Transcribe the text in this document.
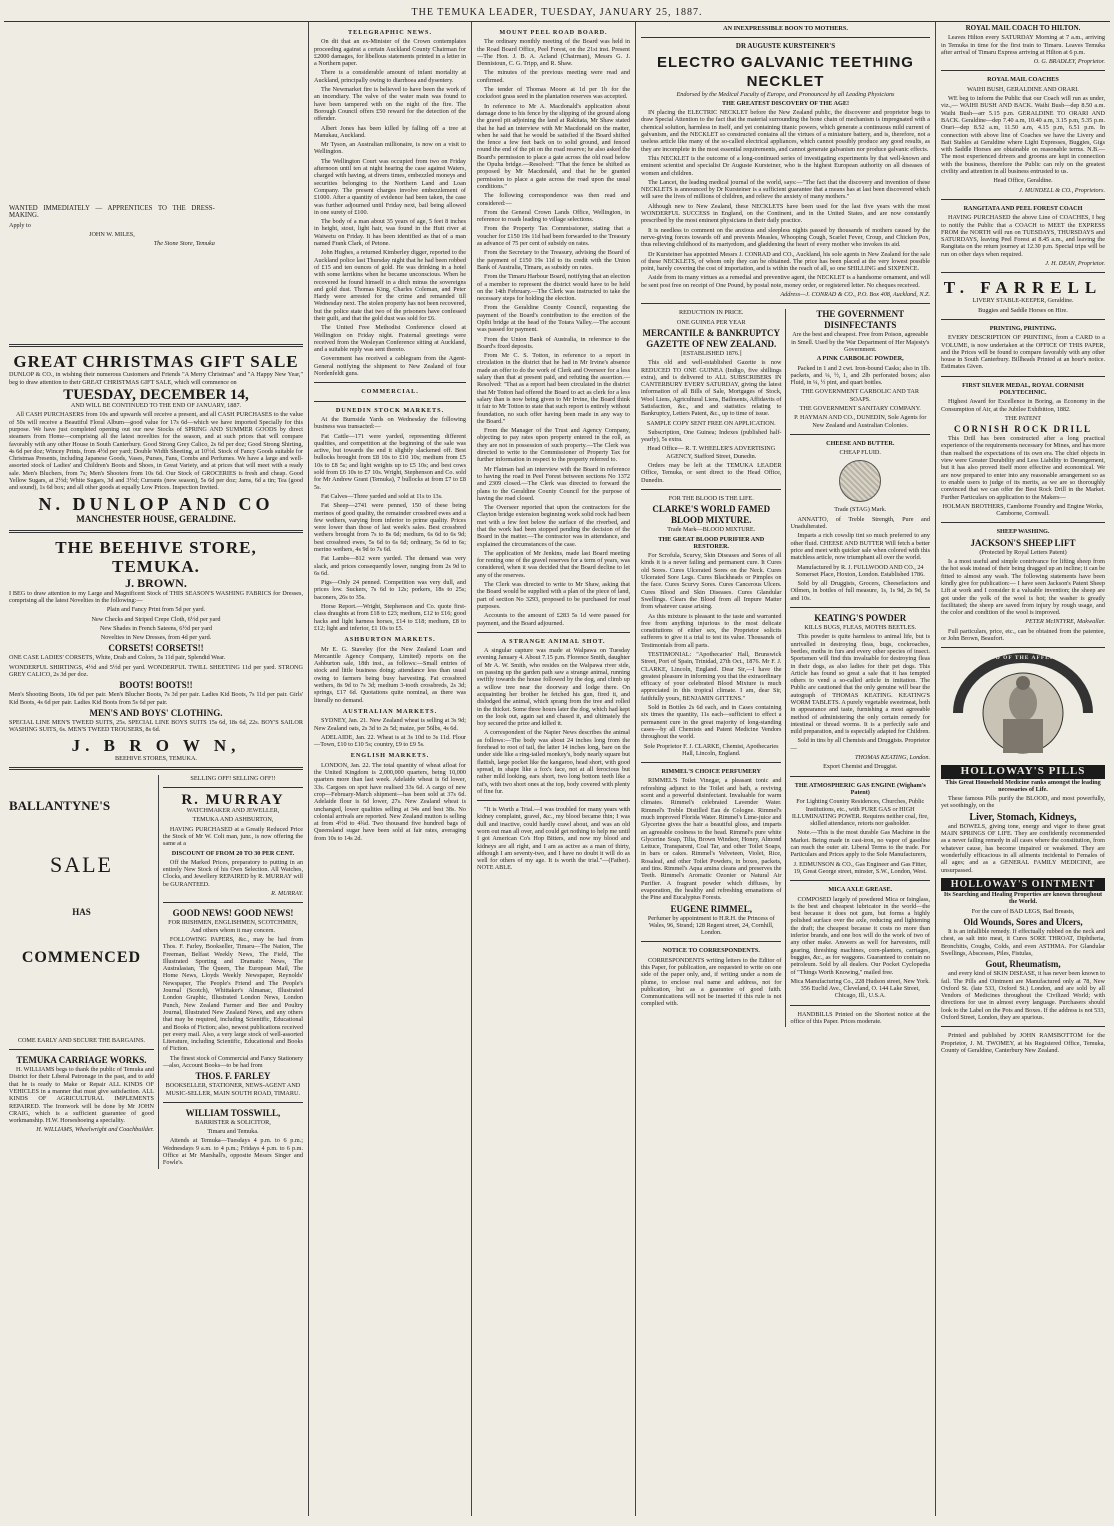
THE TEMUKA LEADER, TUESDAY, JANUARY 25, 1887.

WANTED IMMEDIATELY — APPRENTICES TO THE DRESSMAKING.

Apply to

JOHN W. MILES,

The Stone Store, Temuka

GREAT CHRISTMAS GIFT SALE

DUNLOP & CO., in wishing their numerous Customers and Friends "A Merry Christmas" and "A Happy New Year," beg to draw attention to their GREAT CHRISTMAS GIFT SALE, which will commence on

TUESDAY, DECEMBER 14,

AND WILL BE CONTINUED TO THE END OF JANUARY, 1887.

All CASH PURCHASERS from 10s and upwards will receive a present, and all CASH PURCHASES to the value of 50s will receive a Beautiful Floral Album—good value for 17s 6d—which we have imported Specially for this purpose. We have just completed opening out our new Stocks of SPRING AND SUMMER GOODS by direct steamers from Home—comprising all the latest novelties for the season, and at such prices that will compare favorably with any other House in South Canterbury. Good Strong Grey Calico, 2s 6d per doz; Good Strong Shirting, 4s 6d per doz; Wincey Prints, from 4½d per yard; Double Width Sheeting, at 10½d. Stock of Fancy Goods suitable for Christmas Presents, including Japanese Goods, Vases, Purses, Fans, Combs and Perfumes. We have a large and well-assorted stock of Ladies' and Children's Boots and Shoes, in Great Variety, and at prices that will meet with a ready sale. Men's Bluchers, from 7s; Men's Shooters from 10s 6d. Our Stock of GROCERIES is fresh and cheap. Good Yellow Sugars, at 2½d; White Sugars, 3d and 3½d; Currants (new season), 5s 6d per doz; Jams, 6d a tin; Tea (good and sound), 1s 6d box; and all other goods at equally Low Prices. Inspection Invited.

N. DUNLOP AND CO
MANCHESTER HOUSE, GERALDINE.
THE BEEHIVE STORE, TEMUKA.
J. BROWN.

I BEG to draw attention to my Large and Magnificent Stock of THIS SEASON'S WASHING FABRICS for Dresses, comprising all the latest Novelties in the following:—

Plain and Fancy Print from 5d per yard.

New Checks and Striped Crepe Cloth, 6½d per yard

New Shades in French Sateens, 6½d per yard

Novelties in New Dresses, from 4d per yard.

CORSETS! CORSETS!!

ONE CASE LADIES' CORSETS, White, Drab and Colors, 3s 11d pair, Splendid Wear.

WONDERFUL SHIRTINGS, 4½d and 5½d per yard. WONDERFUL TWILL SHEETING 11d per yard. STRONG GREY CALICO, 2s 3d per doz.

BOOTS! BOOTS!!

Men's Shooting Boots, 10s 6d per pair. Men's Blucher Boots, 7s 3d per pair. Ladies Kid Boots, 7s 11d per pair. Girls' Kid Boots, 4s 6d per pair. Ladies Kid Boots from 5s 6d per pair.

MEN'S AND BOYS' CLOTHING.

SPECIAL LINE MEN'S TWEED SUITS, 25s. SPECIAL LINE BOYS SUITS 15s 6d, 18s 6d, 22s. BOY'S SAILOR WASHING SUITS, 6s. MEN'S TWEED TROUSERS, 8s 6d.

J. B R O W N,

BEEHIVE STORES, TEMUKA.

BALLANTYNE'S
SALE
HAS
COMMENCED

COME EARLY AND SECURE THE BARGAINS.

TEMUKA CARRIAGE WORKS.

H. WILLIAMS begs to thank the public of Temuka and District for their Liberal Patronage in the past, and to add that he is ready to Make or Repair ALL KINDS OF VEHICLES in a manner that must give satisfaction. ALL KINDS OF AGRICULTURAL IMPLEMENTS REPAIRED. The Ironwork will be done by Mr JOHN CRAIG, which is a sufficient guarantee of good workmanship. H.W. Horseshoeing a speciality.

H. WILLIAMS, Wheelwright and Coachbuilder.

SELLING OFF! SELLING OFF!!

R. MURRAY

WATCHMAKER AND JEWELLER,

TEMUKA AND ASHBURTON,

HAVING PURCHASED at a Greatly Reduced Price the Stock of Mr W. Colt man, junr., is now offering the same at a

DISCOUNT OF FROM 20 TO 30 PER CENT.

Off the Marked Prices, preparatory to putting in an entirely New Stock of his Own Selection. All Watches, Clocks, and Jewellery REPAIRED by R. MURRAY will be GURANTEED.

R. MURRAY.

GOOD NEWS! GOOD NEWS!

FOR IRISHMEN, ENGLISHMEN, SCOTCHMEN, And others whom it may concern.

FOLLOWING PAPERS, &c., may be had from Thos. F. Farley, Bookseller, Timaru—The Nation, The Freeman, Belfast Weekly News, The Field, The Illustrated Sporting and Dramatic News, The Australasian, The Queen, The European Mail, The Home News, Lloyds Weekly Newspaper, Reynolds' Newspaper, The People's Friend and The People's Journal (Scotch), Whittaker's Almanac, Illustrated London Graphic, Illustrated London News, London Punch, New Zealand Farmer and Bee and Poultry Journal, Illustrated New Zealand News, and any others that may be required, including Scientific, Educational and Books of Fiction; also, newest publications received per every mail. Also, a very large stock of well-assorted Literature, including Scientific, Educational and Books of Fiction.

The finest stock of Commercial and Fancy Stationery—also, Account Books—to be had from

THOS. F. FARLEY

BOOKSELLER, STATIONER, NEWS-AGENT AND MUSIC-SELLER, MAIN SOUTH ROAD, TIMARU.

WILLIAM TOSSWILL,

BARRISTER & SOLICITOR,

Timaru and Temuka.

Attends at Temuka—Tuesdays 4 p.m. to 6 p.m.; Wednesdays 9 a.m. to 4 p.m.; Fridays 4 p.m. to 6 p.m. Office at Mr Marshall's, opposite Messrs Singer and Fowle's.

TELEGRAPHIC NEWS.

On dit that an ex-Minister of the Crown contemplates proceeding against a certain Auckland County Chairman for £2000 damages, for libellous statements printed in a letter in a Northern paper.

There is a considerable amount of infant mortality at Auckland, principally owing to diarrhoea and dysentery.

The Newmarket fire is believed to have been the work of an incendiary. The valve of the water main was found to have been tampered with on the night of the fire. The Borough Council offers £50 reward for the detection of the offender.

Albert Jones has been killed by falling off a tree at Manukau, Auckland.

Mr Tyson, an Australian millionaire, is now on a visit to Wellington.

The Wellington Court was occupied from two on Friday afternoon until ten at night hearing the case against Waters, charged with having, at divers times, embezzled moneys and securities belonging to the Northern Land and Loan Company. The present charges involve embezzlement of £1000. After a quantity of evidence had been taken, the case was further adjourned until Friday next, bail being allowed in one surety of £100.

The body of a man about 35 years of age, 5 feet 8 inches in height, stout, light hair, was found in the Hutt river at Waiwetu on Friday. It has been identified as that of a man named Frank Clark, of Petone.

John Hughes, a returned Kimberley digger, reported to the Auckland police last Thursday night that he had been robbed of £15 and ten ounces of gold. He was drinking in a hotel with some larrikins when he became unconscious. When he recovered he found himself in a ditch minus the sovereigns and gold dust. Thomas King, Charles Coleman, and Peter Hardy were arrested for the crime and remanded till Wednesday next. The stolen property has not been recovered, but the police state that two of the prisoners have confessed their guilt, and that the gold dust was sold for £6.

The United Free Methodist Conference closed at Wellington on Friday night. Fraternal greetings were received from the Wesleyan Conference sitting at Auckland, and a suitable reply was sent thereto.

Government has received a cablegram from the Agent-General notifying the shipment to New Zealand of four Nordenfeldt guns.

COMMERCIAL.
DUNEDIN STOCK MARKETS.

At the Burnside Yards on Wednesday the following business was transacted:—

Fat Cattle—171 were yarded, representing different qualities, and competition at the beginning of the sale was active, but towards the end it slightly slackened off. Best bullocks brought from £8 10s to £10 10s; medium from £5 10s to £8 5s; and light weights up to £5 10s; and best cows sold from £6 10s to £7 10s. Wright, Stephenson and Co. sold for Mr Andrew Grant (Temuka), 7 bullocks at from £7 to £8 5s.

Fat Calves—Three yarded and sold at 11s to 13s.

Fat Sheep—2741 were penned, 150 of these being merinos of good quality, the remainder crossbred ewes and a few wethers, varying from inferior to prime quality. Prices were lower than those of last week's sales. Best crossbred wethers brought from 7s to 8s 6d; medium, 6s 6d to 6s 9d; best crossbred ewes, 5s 6d to 6s 6d; ordinary, 5s 6d to 6s; merino wethers, 4s 9d to 7s 6d.

Fat Lambs—812 were yarded. The demand was very slack, and prices consequently lower, ranging from 2s 9d to 6s 6d.

Pigs—Only 24 penned. Competition was very dull, and prices low. Suckers, 7s 6d to 12s; porkers, 18s to 25s; baconers, 26s to 35s.

Horse Report.—Wright, Stephenson and Co. quote first-class draughts at from £18 to £23; medium, £12 to £16; good hacks and light harness horses, £14 to £18; medium, £8 to £12; light and inferior, £1 10s to £5.

ASHBURTON MARKETS.

Mr E. G. Staveley (for the New Zealand Loan and Mercantile Agency Company, Limited) reports on the Ashburton sale, 18th inst., as follows:—Small entries of stock and little business doing; attendance less than usual owing to farmers being busy harvesting. Fat crossbred wethers, 8s 9d to 7s 3d; medium 3-tooth crossbreds, 2s 3d; springs, £17 6d. Quotations quite nominal, as there was literally no demand.

AUSTRALIAN MARKETS.

SYDNEY, Jan. 21. New Zealand wheat is selling at 3s 9d; New Zealand oats, 2s 3d to 2s 5d; maize, per 56lbs, 4s 6d.

ADELAIDE, Jan. 22. Wheat is at 3s 10d to 3s 11d. Flour—Town, £10 to £10 5s; country, £9 to £9 5s.

ENGLISH MARKETS.

LONDON, Jan. 22. The total quantity of wheat afloat for the United Kingdom is 2,000,000 quarters, being 10,000 quarters more than last week. Adelaide wheat is 6d lower, 33s. Cargoes on spot have realised 33s 6d. A cargo of new crop—February-March shipment—has been sold at 37s 6d. Adelaide flour is 6d lower, 27s. New Zealand wheat is unchanged, lower qualities selling at 34s and best 38s. No colonial arrivals are reported. New Zealand mutton is selling at from 4½d to 4¾d. Two thousand five hundred bags of Queensland sugar have been sold at fair rates, averaging from 10s to 14s 2d.

MOUNT PEEL ROAD BOARD.

The ordinary monthly meeting of the Board was held in the Road Board Office, Peel Forest, on the 21st inst. Present—The Hon. J. B. A. Acland (Chairman), Messrs G. J. Dennistoun, C. G. Tripp, and R. Shaw.

The minutes of the previous meeting were read and confirmed.

The tender of Thomas Moore at 1d per 1b for the cocksfoot grass seed in the plantation reserves was accepted.

In reference to Mr A. Macdonald's application about damage done to his fence by the slipping of the ground along the gravel pit adjoining the land at Rakitata, Mr Shaw stated that he had an interview with Mr Macdonald on the matter, when he said that he would be satisfied if the Board shifted the fence a few feet back on to solid ground, and fenced round the end of the pit on the road reserve; he also asked the Board's permission to place a gate across the old road below the Opuha bridge.—Resolved: "That the fence be shifted as proposed by Mr Macdonald, and that he be granted permission to place a gate across the road upon the usual conditions."

The following correspondence was then read and considered:—

From the General Crown Lands Office, Wellington, in reference to roads leading to village selections.

From the Property Tax Commissioner, stating that a voucher for £150 19s 11d had been forwarded to the Treasury as advance of 75 per cent of subsidy on rates.

From the Secretary to the Treasury, advising the Board of the payment of £150 19s 11d to its credit with the Union Bank of Australia, Timaru, as subsidy on rates.

From the Timaru Harbour Board, notifying that an election of a member to represent the district would have to be held on the 14th February.—The Clerk was instructed to take the necessary steps for holding the election.

From the Geraldine County Council, requesting the payment of the Board's contribution to the erection of the Opihi bridge at the head of the Totara Valley.—The account was passed for payment.

From the Union Bank of Australia, in reference to the Board's fixed deposits.

From Mr C. S. Totton, in reference to a report in circulation in the district that he had in Mr Irvine's absence made an offer to do the work of Clerk and Overseer for a less salary than that at present paid, and refuting the assertion.—Resolved: "That as a report had been circulated in the district that Mr Totton had offered the Board to act as clerk for a less salary than is now being given to Mr Irvine, the Board think it fair to Mr Totton to state that such report is entirely without foundation, no such offer having been made in any way to the Board."

From the Manager of the Trust and Agency Company, objecting to pay rates upon property entered in the roll, as they are not in possession of such property.—The Clerk was directed to write to the Commissioner of Property Tax for further information in respect to the property referred to.

Mr Flatman had an interview with the Board in reference to having the road in Peel Forest between sections No 1372 and 2309 closed.—The Clerk was directed to forward the plans to the Geraldine County Council for the purpose of having the road closed.

The Overseer reported that upon the contractors for the Clayton bridge extension beginning work solid rock had been met with a few feet below the surface of the riverbed, and that the work had been stopped pending the decision of the Board in the matter.—The contractor was in attendance, and explained the circumstances of the case.

The application of Mr Jenkins, made last Board meeting for renting one of the gravel reserves for a term of years, was considered, when it was decided that the Board decline to let any of the reserves.

The Clerk was directed to write to Mr Shaw, asking that the Board would be supplied with a plan of the piece of land, part of section No 3293, proposed to be purchased for road purposes.

Accounts to the amount of £283 5s 1d were passed for payment, and the Board adjourned.

A STRANGE ANIMAL SHOT.

A singular capture was made at Walpawa on Tuesday evening January 4. About 7.15 p.m. Florence Smith, daughter of Mr A. W. Smith, who resides on the Walpawa river side, on passing up the garden path saw a strange animal, running swiftly towards the house followed by the dog, and climb up a willow tree near the doorway and lodge there. On acquainting her brother he fetched his gun, fired it, and dislodged the animal, which sprang from the tree and rolled in the thicket. Some three hours later the dog, which had kept on the look out, again sat and chased it, and ultimately the boy secured the prize and killed it.

A correspondent of the Napier News describes the animal as follows:—The body was about 24 inches long from the forehead to root of tail, the latter 14 inches long, bare on the under side like a ring-tailed monkey's, body nearly square but flattish, large pocket like the kangaroo, head short, with good spread, in shape like a fox's face, not at all ferocious but rather mild looking, ears short, two long bottom teeth like a rat's, with two short ones at the top, body covered with plenty of fine fur.

"It is Worth a Trial.—I was troubled for many years with kidney complaint, gravel, &c., my blood became thin; I was dull and inactive, could hardly crawl about, and was an old worn out man all over, and could get nothing to help me until I got American Co's Hop Bitters, and now my blood and kidneys are all right, and I am as active as a man of thirty, although I am seventy-two, and I have no doubt it will do as well for others of my age. It is worth the trial."—(Father). NOTE ABLE.

AN INEXPRESSIBLE BOON TO MOTHERS.

DR AUGUSTE KURSTEINER'S

ELECTRO GALVANIC TEETHING NECKLET

Endorsed by the Medical Faculty of Europe, and Pronounced by all Leading Physicians

THE GREATEST DISCOVERY OF THE AGE!

IN placing the ELECTRIC NECKLET before the New Zealand public, the discoverer and proprietor begs to draw Special Attention to the fact that the material surrounding the bone chain of mechanism is impregnated with a chemical solution, harmless in itself, and yet containing titanic powers, which generate a continuous mild current of galvanism, and the NECKLET so constructed contains all the virtues of a miniature battery, and is, therefore, not a useless article like many of the so-called electrical appliances, which cannot possibly produce any good results, as they are incomplete in the most essential requirements, and cannot generate galvanism nor produce galvanic effects.

This NECKLET is the outcome of a long-continued series of investigating experiments by that well-known and eminent scientist and specialist Dr Auguste Kursteiner, who is the highest European authority on all diseases of women and children.

The Lancet, the leading medical journal of the world, says:—"The fact that the discovery and invention of these NECKLETS is announced by Dr Kursteiner is a sufficient guarantee that a means has at last been discovered which will save the lives of millions of children, and relieve the anxiety of many mothers."

Although new to New Zealand, these NECKLETS have been used for the last five years with the most WONDERFUL SUCCESS in England, on the Continent, and in the United States, and are now constantly prescribed by the most eminent physicians in their daily practice.

It is needless to comment on the anxious and sleepless nights passed by thousands of mothers caused by the nerve-giving forces towards off and prevents Measles, Whooping Cough, Scarlet Fever, Croup, and Chicken Pox, thus relieving childhood of its martyrdom, and gladdening the heart of every mother who invokes its aid.

Dr Kursteiner has appointed Messrs J. CONRAD and CO., Auckland, his sole agents in New Zealand for the sale of these NECKLETS, of whom only they can be obtained. The price has been placed at the very lowest possible point, barely covering the cost of importation, and is within the reach of all, so one SHILLING and SIXPENCE.

Aside from its many virtues as a remedial and preventive agent, the NECKLET is a handsome ornament, and will be sent post free on receipt of One Pound, by postal note, money order, or registered letter. No cheques received.

Address—J. CONRAD & CO., P.O. Box 408, Auckland, N.Z.

REDUCTION IN PRICE.

ONE GUINEA PER YEAR

MERCANTILE & BANKRUPTCY GAZETTE OF NEW ZEALAND.

[ESTABLISHED 1876.]

This old and well-established Gazette is now REDUCED TO ONE GUINEA (Indigo, five shillings extra), and is delivered to ALL SUBSCRIBERS IN CANTERBURY EVERY SATURDAY, giving the latest information of all Bills of Sale, Mortgages of Stock, Wool Liens, Agricultural Liens, Bailments, Affidavits of Satisfaction, &c., and and statistics relating to Bankruptcy, Letters Patent, &c., up to time of issue.

SAMPLE COPY SENT FREE ON APPLICATION.

Subscription, One Guinea; Indexes (published half-yearly), 5s extra.

Head Office— R. T. WHEELER'S ADVERTISING AGENCY, Stafford Street, Dunedin.

Orders may be left at the TEMUKA LEADER Office, Temuka, or sent direct to the Head Office, Dunedin.

FOR THE BLOOD IS THE LIFE.

CLARKE'S WORLD FAMED BLOOD MIXTURE.

Trade Mark—BLOOD MIXTURE.

THE GREAT BLOOD PURIFIER AND RESTORER.

For Scrofula, Scurvy, Skin Diseases and Sores of all kinds it is a never failing and permanent cure. It Cures old Sores. Cures Ulcerated Sores on the Neck. Cures Ulcerated Sore Legs. Cures Blackheads or Pimples on the face. Cures Scurvy Sores. Cures Cancerous Ulcers. Cures Blood and Skin Diseases. Cures Glandular Swellings. Clears the Blood from all Impure Matter from whatever cause arising.

As this mixture is pleasant to the taste and warranted free from anything injurious to the most delicate constitutions of either sex, the Proprietor solicits sufferers to give it a trial to test its value. Thousands of Testimonials from all parts.

TESTIMONIAL: "Apothecaries' Hall, Brunswick Street, Port of Spain, Trinidad, 27th Oct., 1876. Mr F. J. CLARKE, Lincoln, England. Dear Sir,—I have the greatest pleasure in informing you that the extraordinary efficacy of your celebrated Blood Mixture is much appreciated in this tropical climate. I am, dear Sir, faithfully yours, BENJAMIN GITTENS."

Sold in Bottles 2s 6d each, and in Cases containing six times the quantity, 11s each—sufficient to effect a permanent cure in the great majority of long-standing cases—by all Chemists and Patent Medicine Vendors throughout the world.

Sole Proprietor F. J. CLARKE, Chemist, Apothecaries Hall, Lincoln, England.

RIMMEL'S CHOICE PERFUMERY

RIMMEL'S Toilet Vinegar, a pleasant tonic and refreshing adjunct to the Toilet and bath, a reviving scent and a powerful disinfectant. Invaluable for warm climates. Rimmel's celebrated Lavender Water. Rimmel's Treble Distilled Eau de Cologne. Rimmel's much improved Florida Water. Rimmel's Lime-juice and Glycerine gives the hair a beautiful gloss, and imparts an agreeable coolness to the head. Rimmel's pure white Glycerine Soap, Tilia, Brown Windsor, Honey, Almond Lettuce, Transparent, Coal Tar, and other Toilet Soaps, in bars or cakes. Rimmel's Velveteen, Violet, Rice, Rosaleaf, and other Toilet Powders, in boxes, packets, and tins. Rimmel's Aqua amina cleans and preserves the Teeth. Rimmel's Aromatic Ozonier or Natural Air Purifier. A fragrant powder which diffuses, by evaporation, the healthy and refreshing emanations of the Pine and Eucalyptus Forests.

EUGENE RIMMEL,

Perfumer by appointment to H.R.H. the Princess of Wales, 96, Strand; 128 Regent street, 24, Cornhill, London.

NOTICE TO CORRESPONDENTS.

CORRESPONDENTS writing letters to the Editor of this Paper, for publication, are requested to write on one side of the paper only, and, if writing under a nom de plume, to enclose real name and address, not for publication, but as a guarantee of good faith. Communications will not be inserted if this rule is not complied with.

THE GOVERNMENT DISINFECTANTS

Are the best and cheapest. Free from Poison, agreeable in Smell. Used by the War Department of Her Majesty's Government.

A PINK CARBOLIC POWDER,

Packed in 1 and 2 cwt. Iron-bound Casks; also in 1lb. packets, and ¼, ½, 1, and 2lb perforated boxes; also Fluid, in ¼, ½ pint, and quart bottles.

THE GOVERNMENT CARBOLIC AND TAR SOAPS.

THE GOVERNMENT SANITARY COMPANY.

P. HAYMAN AND CO., DUNEDIN, Sole Agents for New Zealand and Australian Colonies.

CHEESE AND BUTTER.

CHEAP FLUID.

Trade (STAG) Mark.

ANNATTO, of Treble Strength, Pure and Unadulterated.

Imparts a rich cowslip tint so much preferred to any other fluid. CHEESE AND BUTTER Will fetch a better price and meet with quicker sale when colored with this matchless article, now triumphant all over the world.

Manufactured by R. J. FULLWOOD AND CO., 24 Somerset Place, Hoxton, London. Established 1786.

Sold by all Druggists, Grocers, Cheesefactors and Oilmen, in bottles of full measure, 1s, 1s 9d, 2s 9d, 5s and 10s.

KEATING'S POWDER

KILLS BUGS, FLEAS, MOTHS BEETLES.

This powder is quite harmless to animal life, but is unrivalled in destroying fleas, bugs, cockroaches, beetles, moths in furs and every other species of insect. Sportsmen will find this invaluable for destroying fleas in their dogs, as also ladies for their pet dogs. This Article has found so great a sale that it has tempted others to vend a so-called article in imitation. The Public are cautioned that the only genuine will bear the autograph of THOMAS KEATING. KEATING'S WORM TABLETS. A purely vegetable sweetmeat, both in appearance and taste, furnishing a most agreeable method of administering the only certain remedy for intestinal or thread worms. It is a perfectly safe and mild preparation, and is especially adapted for Children.

Sold in tins by all Chemists and Druggists. Proprietor—

THOMAS KEATING, London.

Export Chemist and Druggist.

THE ATMOSPHERIC GAS ENGINE (Wigham's Patent)

For Lighting Country Residences, Churches, Public Institutions, etc., with PURE GAS or HIGH ILLUMINATING POWER. Requires neither coal, fire, skilled attendance, retorts nor gasholder.

Note.—This is the most durable Gas Machine in the Market. Being made in cast-iron, no vapor of gasoline can reach the outer air. Liberal Terms to the trade. For Particulars and Prices apply to the Sole Manufacturers,

J. EDMUNSON & CO., Gas Engineer and Gas Fitter, 19, Great George street, minster, S.W., London, West.

MICA AXLE GREASE.

COMPOSED largely of powdered Mica or Isinglass, is the best and cheapest lubricator in the world—the best because it does not gum, but forms a highly polished surface over the axle, reducing and lightening the draft; the cheapest because it costs no more than inferior brands, and one box will do the work of two of any other make. Answers as well for harvesters, mill gearing, threshing machines, corn-planters, carriages, buggies, &c., as for waggons. Guaranteed to contain no petroleum. Sold by all dealers. Our Pocket Cyclopedia of "Things Worth Knowing," mailed free.

Mica Manufacturing Co., 228 Hudson street, New York. 356 Euclid Ave., Cleveland, O. 144 Lake Street, Chicago, Ill., U.S.A.

HANDBILLS Printed on the Shortest notice at the office of this Paper. Prices moderate.

ROYAL MAIL COACH TO HILTON.

Leaves Hilton every SATURDAY Morning at 7 a.m., arriving in Temuka in time for the first train to Timaru. Leaves Temuka after arrival of Timaru Express arriving at Hilton at 6 p.m.

O. G. BRADLEY, Proprietor.

ROYAL MAIL COACHES

WAIHI BUSH, GERALDINE AND ORARI.

WE beg to inform the Public that our Coach will run as under, viz.,— WAIHI BUSH AND BACK. Waihi Bush—dep 8.50 a.m. Waihi Bush—arr 5.15 p.m. GERALDINE TO ORARI AND BACK. Geraldine—dep 7.40 a.m, 10.40 a.m, 3.15 p.m, 5.35 p.m. Orari—dep 8.52 a.m, 11.50 a.m, 4.15 p.m, 6.51 p.m. In connection with above line of Coaches we have the Livery and Bait Stables at Geraldine where Light Expresses, Buggies, Gigs with Saddle Horses are obtainable on reasonable terms. N.B.—The most experienced drivers and grooms are kept in connection with the business, therefore the Public can rely on the greatest civility and attention in all business entrusted to us.

Head Office, Geraldine.

J. MUNDELL & CO., Proprietors.

RANGITATA AND PEEL FOREST COACH

HAVING PURCHASED the above Line of COACHES, I beg to notify the Public that a COACH to MEET the EXPRESS FROM the NORTH will run on TUESDAYS, THURSDAYS and SATURDAYS, leaving Peel Forest at 8.45 a.m., and leaving the Rangitata on the return journey at 12.30 p.m. Special trips will be run on other days when required.

J. H. DEAN, Proprietor.

T. FARRELL

LIVERY STABLE-KEEPER, Geraldine.

Buggies and Saddle Horses on Hire.

PRINTING, PRINTING.

EVERY DESCRIPTION OF PRINTING, from a CARD to a VOLUME, is now undertaken at the OFFICE OF THIS PAPER, and the Prices will be found to compare favorably with any other house in South Canterbury. Billheads Printed at an hour's notice. Estimates Given.

FIRST SILVER MEDAL, ROYAL CORNISH POLYTECHNIC.

Highest Award for Excellence in Boring, as Economy in the Consumption of Air, at the Jubilee Exhibition, 1882.

THE PATENT

CORNISH ROCK DRILL

This Drill has been constructed after a long practical experience of the requirements necessary for Mines, and has more than realised the expectations of its own era. The chief objects in view were Greater Durability and Less Liability to Derangement, but it has also proved itself more effective and economical. We are now prepared to enter into any reasonable arrangement so as to enable users to judge of its merits, as we are so thoroughly convinced that we can offer the Best Rock Drill in the Market. Further Particulars on application to the Makers—

HOLMAN BROTHERS, Camborne Foundry and Engine Works, Camborne, Cornwall.

SHEEP WASHING.

JACKSON'S SHEEP LIFT

(Protected by Royal Letters Patent)

Is a most useful and simple contrivance for lifting sheep from the hot soak instead of their being dragged up an incline; it can be fitted to almost any wash. The following statements have been kindly give for publication:— I have seen Jackson's Patent Sheep Lift at work and I consider it a valuable invention; the sheep are got under the yolk of the wool is hot; the washer is greatly facilitated; the sheep are saved from injury by rough usage, and the color and condition of the wool is improved.

PETER McINTYRE, Makwallar.

Full particulars, price, etc., can be obtained from the patentee, or John Brown, Beaufort.

FRIEND OF THE AFFLICTED
HOLLOWAY'S PILLS

This Great Household Medicine ranks amongst the leading necessaries of Life.

These famous Pills purify the BLOOD, and most powerfully, yet soothingly, on the

Liver, Stomach, Kidneys,

and BOWELS, giving tone, energy and vigor to these great MAIN SPRINGS OF LIFE. They are confidently recommended as a never failing remedy in all cases where the constitution, from whatever cause, has become impaired or weakened. They are wonderfully efficacious in all ailments incidental to Females of all ages; and as a GENERAL FAMILY MEDICINE, are unsurpassed.

HOLLOWAY'S OINTMENT

Its Searching and Healing Properties are known throughout the World.

For the cure of BAD LEGS, Bad Breasts,

Old Wounds, Sores and Ulcers,

It is an infallible remedy. If effectually rubbed on the neck and chest, as salt into meat, it Cures SORE THROAT, Diphtheria, Bronchitis, Coughs, Colds, and even ASTHMA. For Glandular Swellings, Abscesses, Piles, Fistulas,

Gout, Rheumatism,

and every kind of SKIN DISEASE, it has never been known to fail. The Pills and Ointment are Manufactured only at 78, New Oxford St. (late 533, Oxford St.) London, and are sold by all Vendors of Medicines throughout the Civilized World; with directions for use in almost every language. Purchasers should look to the Label on the Pots and Boxes. If the address is not 533, Oxford Street, London, they are spurious.

Printed and published by JOHN RAMSBOTTOM for the Proprietor, J. M. TWOMEY, at his Registered Office, Temuka, County of Geraldine, Canterbury New Zealand.
